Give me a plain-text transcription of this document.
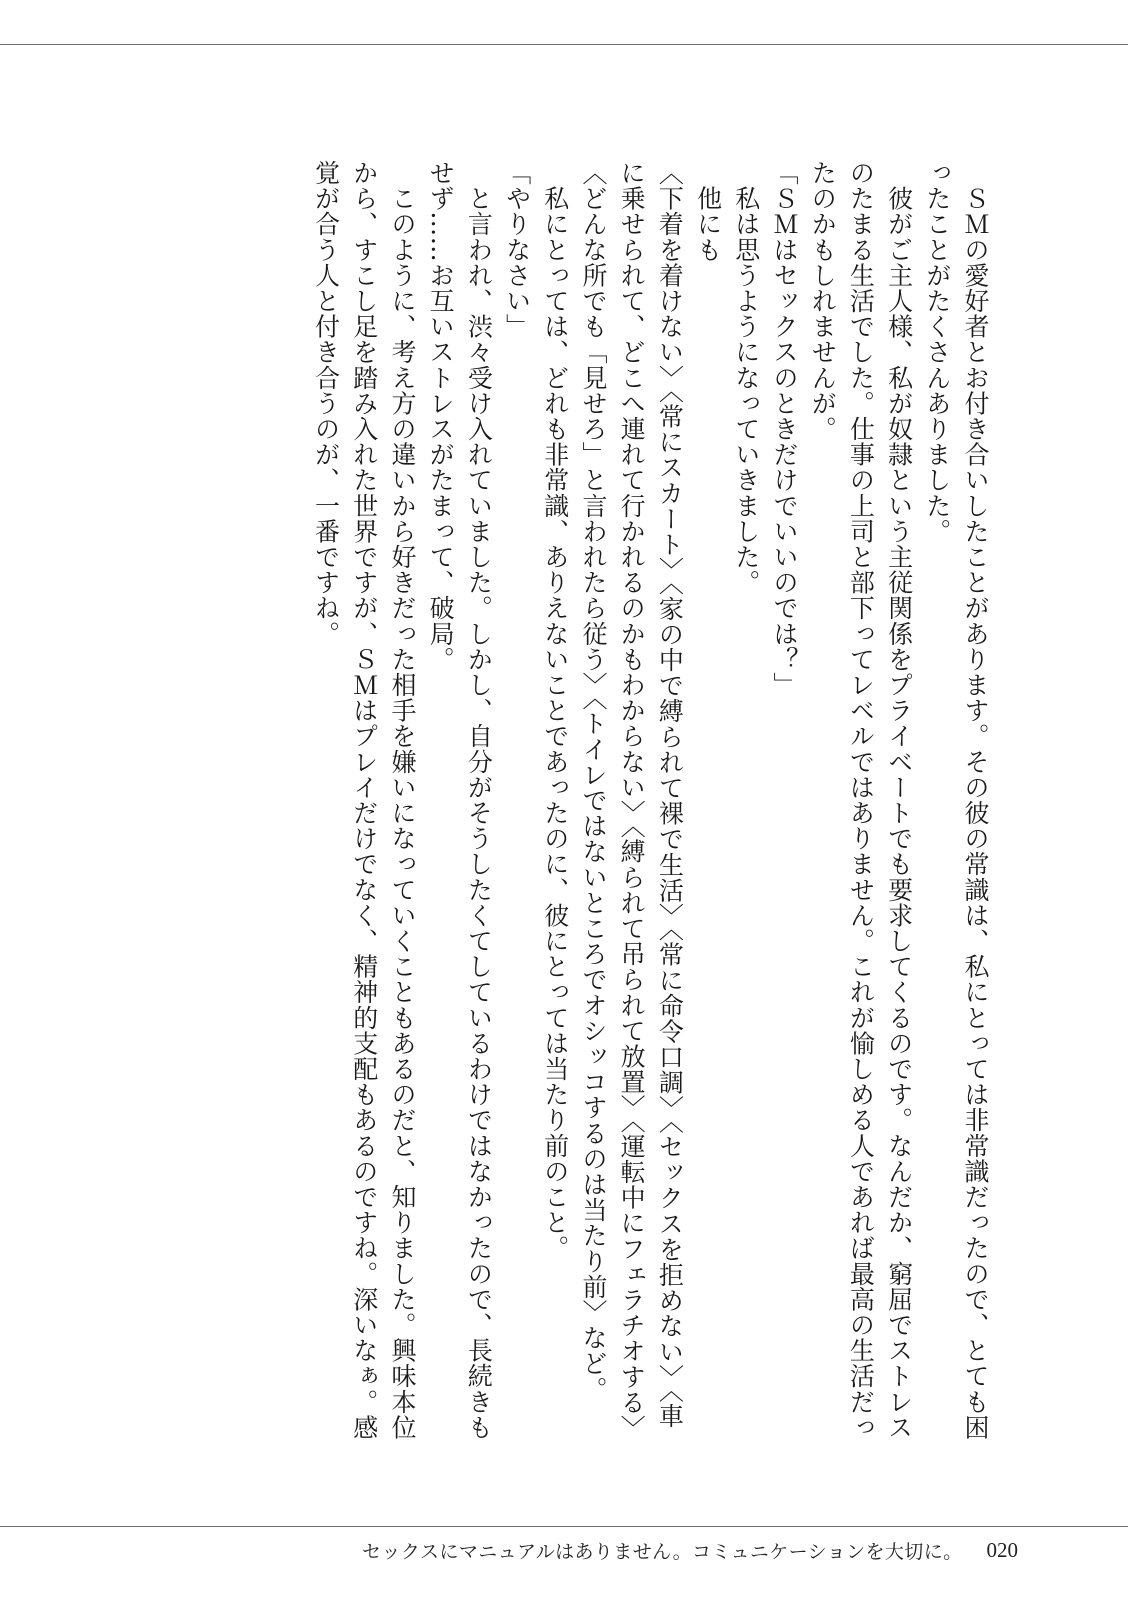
　ＳＭの愛好者とお付き合いしたことがあります。その彼の常識は、私にとっては非常識だったので、とても困ったことがたくさんありました。

　彼がご主人様、私が奴隷という主従関係をプライベートでも要求してくるのです。なんだか、窮屈でストレスのたまる生活でした。仕事の上司と部下ってレベルではありません。これが愉しめる人であれば最高の生活だったのかもしれませんが。

「ＳＭはセックスのときだけでいいのでは？」

　私は思うようになっていきました。

　他にも

〈下着を着けない〉〈常にスカート〉〈家の中で縛られて裸で生活〉〈常に命令口調〉〈セックスを拒めない〉〈車に乗せられて、どこへ連れて行かれるのかもわからない〉〈縛られて吊られて放置〉〈運転中にフェラチオする〉〈どんな所でも「見せろ」と言われたら従う〉〈トイレではないところでオシッコするのは当たり前〉など。

　私にとっては、どれも非常識、ありえないことであったのに、彼にとっては当たり前のこと。

「やりなさい」

　と言われ、渋々受け入れていました。しかし、自分がそうしたくてしているわけではなかったので、長続きもせず……お互いストレスがたまって、破局。

　このように、考え方の違いから好きだった相手を嫌いになっていくこともあるのだと、知りました。興味本位から、すこし足を踏み入れた世界ですが、ＳＭはプレイだけでなく、精神的支配もあるのですね。深いなぁ。感覚が合う人と付き合うのが、一番ですね。

セックスにマニュアルはありません。コミュニケーションを大切に。 020
